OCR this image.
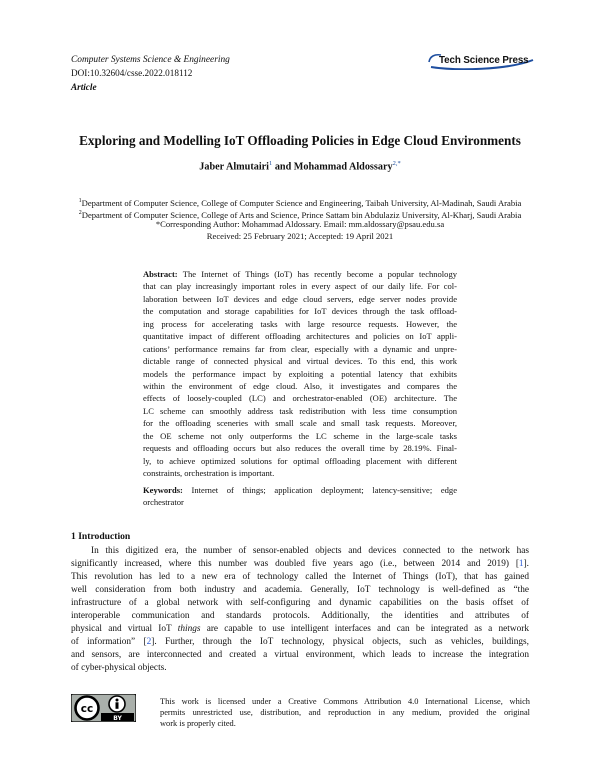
Computer Systems Science & Engineering
DOI:10.32604/csse.2022.018112
Article
Tech Science Press
Exploring and Modelling IoT Offloading Policies in Edge Cloud Environments
Jaber Almutairi$^1$ and Mohammad Aldossary$^{2,*}$
$^1$Department of Computer Science, College of Computer Science and Engineering, Taibah University, Al-Madinah, Saudi Arabia
$^2$Department of Computer Science, College of Arts and Science, Prince Sattam bin Abdulaziz University, Al-Kharj, Saudi Arabia
*Corresponding Author: Mohammad Aldossary. Email: mm.aldossary@psau.edu.sa
Received: 25 February 2021; Accepted: 19 April 2021
Abstract: The Internet of Things (IoT) has recently become a popular technology
that can play increasingly important roles in every aspect of our daily life. For col-
laboration between IoT devices and edge cloud servers, edge server nodes provide
the computation and storage capabilities for IoT devices through the task offload-
ing process for accelerating tasks with large resource requests. However, the
quantitative impact of different offloading architectures and policies on IoT appli-
cations’ performance remains far from clear, especially with a dynamic and unpre-
dictable range of connected physical and virtual devices. To this end, this work
models the performance impact by exploiting a potential latency that exhibits
within the environment of edge cloud. Also, it investigates and compares the
effects of loosely-coupled (LC) and orchestrator-enabled (OE) architecture. The
LC scheme can smoothly address task redistribution with less time consumption
for the offloading sceneries with small scale and small task requests. Moreover,
the OE scheme not only outperforms the LC scheme in the large-scale tasks
requests and offloading occurs but also reduces the overall time by 28.19%. Final-
ly, to achieve optimized solutions for optimal offloading placement with different
constraints, orchestration is important.
Keywords: Internet of things; application deployment; latency-sensitive; edge
orchestrator
1 Introduction
In this digitized era, the number of sensor-enabled objects and devices connected to the network has
significantly increased, where this number was doubled five years ago (i.e., between 2014 and 2019) [1].
This revolution has led to a new era of technology called the Internet of Things (IoT), that has gained
well consideration from both industry and academia. Generally, IoT technology is well-defined as “the
infrastructure of a global network with self-configuring and dynamic capabilities on the basis offset of
interoperable communication and standards protocols. Additionally, the identities and attributes of
physical and virtual IoT things are capable to use intelligent interfaces and can be integrated as a network
of information” [2]. Further, through the IoT technology, physical objects, such as vehicles, buildings,
and sensors, are interconnected and created a virtual environment, which leads to increase the integration
of cyber-physical objects.
cc
BY
This work is licensed under a Creative Commons Attribution 4.0 International License, which
permits unrestricted use, distribution, and reproduction in any medium, provided the original
work is properly cited.
